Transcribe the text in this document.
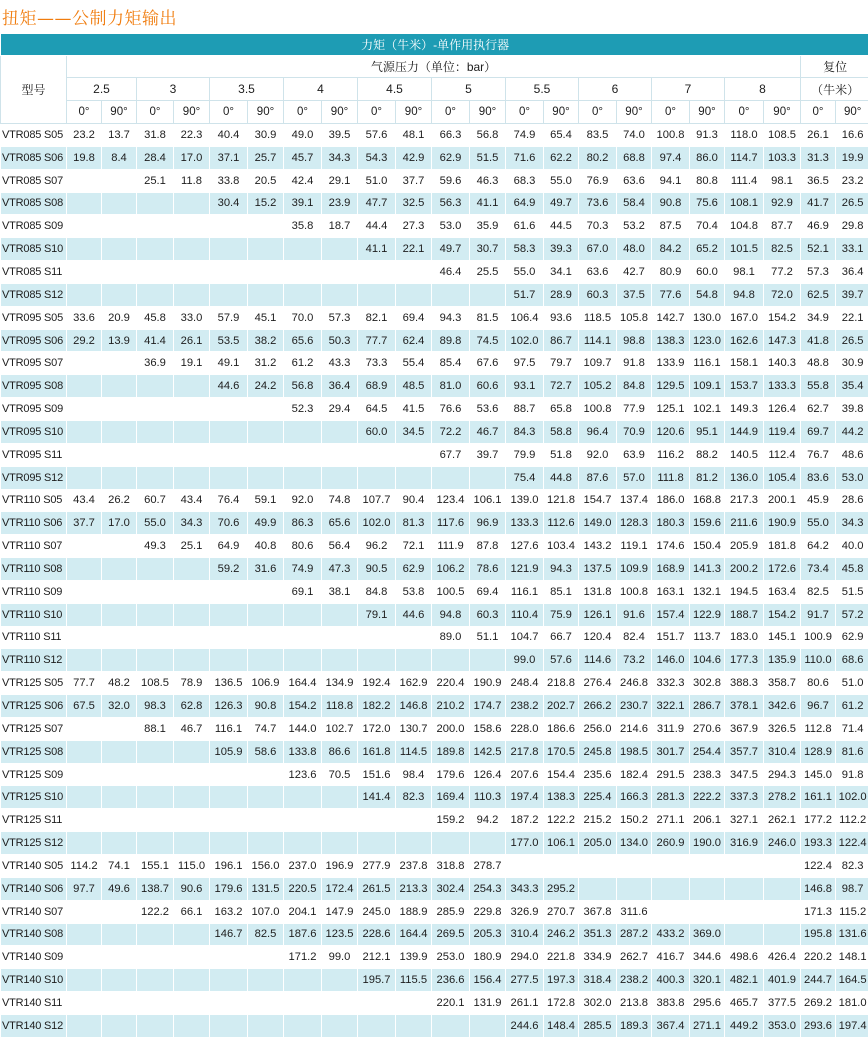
扭矩——公制力矩输出
力矩（牛米）-单作用执行器																						
型号	气源压力（单位：bar）																				复位	
	2.5		3		3.5		4		4.5		5		5.5		6		7		8		（牛米）	
	0°	90°	0°	90°	0°	90°	0°	90°	0°	90°	0°	90°	0°	90°	0°	90°	0°	90°	0°	90°	0°	90°
VTR085 S05	23.2	13.7	31.8	22.3	40.4	30.9	49.0	39.5	57.6	48.1	66.3	56.8	74.9	65.4	83.5	74.0	100.8	91.3	118.0	108.5	26.1	16.6
VTR085 S06	19.8	8.4	28.4	17.0	37.1	25.7	45.7	34.3	54.3	42.9	62.9	51.5	71.6	62.2	80.2	68.8	97.4	86.0	114.7	103.3	31.3	19.9
VTR085 S07			25.1	11.8	33.8	20.5	42.4	29.1	51.0	37.7	59.6	46.3	68.3	55.0	76.9	63.6	94.1	80.8	111.4	98.1	36.5	23.2
VTR085 S08					30.4	15.2	39.1	23.9	47.7	32.5	56.3	41.1	64.9	49.7	73.6	58.4	90.8	75.6	108.1	92.9	41.7	26.5
VTR085 S09							35.8	18.7	44.4	27.3	53.0	35.9	61.6	44.5	70.3	53.2	87.5	70.4	104.8	87.7	46.9	29.8
VTR085 S10									41.1	22.1	49.7	30.7	58.3	39.3	67.0	48.0	84.2	65.2	101.5	82.5	52.1	33.1
VTR085 S11											46.4	25.5	55.0	34.1	63.6	42.7	80.9	60.0	98.1	77.2	57.3	36.4
VTR085 S12													51.7	28.9	60.3	37.5	77.6	54.8	94.8	72.0	62.5	39.7
VTR095 S05	33.6	20.9	45.8	33.0	57.9	45.1	70.0	57.3	82.1	69.4	94.3	81.5	106.4	93.6	118.5	105.8	142.7	130.0	167.0	154.2	34.9	22.1
VTR095 S06	29.2	13.9	41.4	26.1	53.5	38.2	65.6	50.3	77.7	62.4	89.8	74.5	102.0	86.7	114.1	98.8	138.3	123.0	162.6	147.3	41.8	26.5
VTR095 S07			36.9	19.1	49.1	31.2	61.2	43.3	73.3	55.4	85.4	67.6	97.5	79.7	109.7	91.8	133.9	116.1	158.1	140.3	48.8	30.9
VTR095 S08					44.6	24.2	56.8	36.4	68.9	48.5	81.0	60.6	93.1	72.7	105.2	84.8	129.5	109.1	153.7	133.3	55.8	35.4
VTR095 S09							52.3	29.4	64.5	41.5	76.6	53.6	88.7	65.8	100.8	77.9	125.1	102.1	149.3	126.4	62.7	39.8
VTR095 S10									60.0	34.5	72.2	46.7	84.3	58.8	96.4	70.9	120.6	95.1	144.9	119.4	69.7	44.2
VTR095 S11											67.7	39.7	79.9	51.8	92.0	63.9	116.2	88.2	140.5	112.4	76.7	48.6
VTR095 S12													75.4	44.8	87.6	57.0	111.8	81.2	136.0	105.4	83.6	53.0
VTR110 S05	43.4	26.2	60.7	43.4	76.4	59.1	92.0	74.8	107.7	90.4	123.4	106.1	139.0	121.8	154.7	137.4	186.0	168.8	217.3	200.1	45.9	28.6
VTR110 S06	37.7	17.0	55.0	34.3	70.6	49.9	86.3	65.6	102.0	81.3	117.6	96.9	133.3	112.6	149.0	128.3	180.3	159.6	211.6	190.9	55.0	34.3
VTR110 S07			49.3	25.1	64.9	40.8	80.6	56.4	96.2	72.1	111.9	87.8	127.6	103.4	143.2	119.1	174.6	150.4	205.9	181.8	64.2	40.0
VTR110 S08					59.2	31.6	74.9	47.3	90.5	62.9	106.2	78.6	121.9	94.3	137.5	109.9	168.9	141.3	200.2	172.6	73.4	45.8
VTR110 S09							69.1	38.1	84.8	53.8	100.5	69.4	116.1	85.1	131.8	100.8	163.1	132.1	194.5	163.4	82.5	51.5
VTR110 S10									79.1	44.6	94.8	60.3	110.4	75.9	126.1	91.6	157.4	122.9	188.7	154.2	91.7	57.2
VTR110 S11											89.0	51.1	104.7	66.7	120.4	82.4	151.7	113.7	183.0	145.1	100.9	62.9
VTR110 S12													99.0	57.6	114.6	73.2	146.0	104.6	177.3	135.9	110.0	68.6
VTR125 S05	77.7	48.2	108.5	78.9	136.5	106.9	164.4	134.9	192.4	162.9	220.4	190.9	248.4	218.8	276.4	246.8	332.3	302.8	388.3	358.7	80.6	51.0
VTR125 S06	67.5	32.0	98.3	62.8	126.3	90.8	154.2	118.8	182.2	146.8	210.2	174.7	238.2	202.7	266.2	230.7	322.1	286.7	378.1	342.6	96.7	61.2
VTR125 S07			88.1	46.7	116.1	74.7	144.0	102.7	172.0	130.7	200.0	158.6	228.0	186.6	256.0	214.6	311.9	270.6	367.9	326.5	112.8	71.4
VTR125 S08					105.9	58.6	133.8	86.6	161.8	114.5	189.8	142.5	217.8	170.5	245.8	198.5	301.7	254.4	357.7	310.4	128.9	81.6
VTR125 S09							123.6	70.5	151.6	98.4	179.6	126.4	207.6	154.4	235.6	182.4	291.5	238.3	347.5	294.3	145.0	91.8
VTR125 S10									141.4	82.3	169.4	110.3	197.4	138.3	225.4	166.3	281.3	222.2	337.3	278.2	161.1	102.0
VTR125 S11											159.2	94.2	187.2	122.2	215.2	150.2	271.1	206.1	327.1	262.1	177.2	112.2
VTR125 S12													177.0	106.1	205.0	134.0	260.9	190.0	316.9	246.0	193.3	122.4
VTR140 S05	114.2	74.1	155.1	115.0	196.1	156.0	237.0	196.9	277.9	237.8	318.8	278.7									122.4	82.3
VTR140 S06	97.7	49.6	138.7	90.6	179.6	131.5	220.5	172.4	261.5	213.3	302.4	254.3	343.3	295.2							146.8	98.7
VTR140 S07			122.2	66.1	163.2	107.0	204.1	147.9	245.0	188.9	285.9	229.8	326.9	270.7	367.8	311.6					171.3	115.2
VTR140 S08					146.7	82.5	187.6	123.5	228.6	164.4	269.5	205.3	310.4	246.2	351.3	287.2	433.2	369.0			195.8	131.6
VTR140 S09							171.2	99.0	212.1	139.9	253.0	180.9	294.0	221.8	334.9	262.7	416.7	344.6	498.6	426.4	220.2	148.1
VTR140 S10									195.7	115.5	236.6	156.4	277.5	197.3	318.4	238.2	400.3	320.1	482.1	401.9	244.7	164.5
VTR140 S11											220.1	131.9	261.1	172.8	302.0	213.8	383.8	295.6	465.7	377.5	269.2	181.0
VTR140 S12													244.6	148.4	285.5	189.3	367.4	271.1	449.2	353.0	293.6	197.4
